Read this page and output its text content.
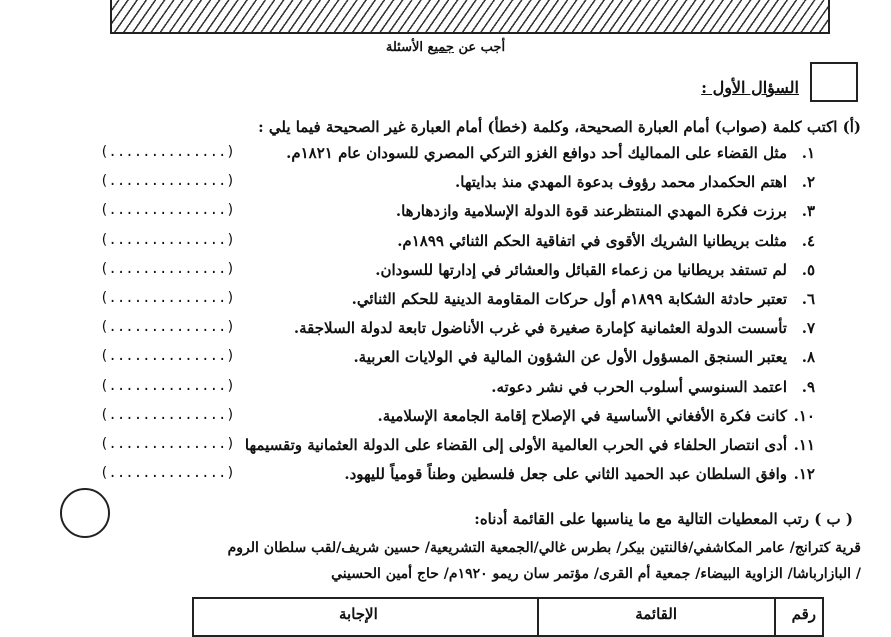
أجب عن جميع الأسئلة
السؤال الأول :
(أ) اكتب كلمة (صواب) أمام العبارة الصحيحة، وكلمة (خطأ) أمام العبارة غير الصحيحة فيما يلي :
١.
مثل القضاء على المماليك أحد دوافع الغزو التركي المصري للسودان عام ١٨٢١م.
(..............)
٢.
اهتم الحكمدار محمد رؤوف بدعوة المهدي منذ بدايتها.
(..............)
٣.
برزت فكرة المهدي المنتظرعند قوة الدولة الإسلامية وازدهارها.
(..............)
٤.
مثلت بريطانيا الشريك الأقوى في اتفاقية الحكم الثنائي ١٨٩٩م.
(..............)
٥.
لم تستفد بريطانيا من زعماء القبائل والعشائر في إدارتها للسودان.
(..............)
٦.
تعتبر حادثة الشكابة ١٨٩٩م أول حركات المقاومة الدينية للحكم الثنائي.
(..............)
٧.
تأسست الدولة العثمانية كإمارة صغيرة في غرب الأناضول تابعة لدولة السلاجقة.
(..............)
٨.
يعتبر السنجق المسؤول الأول عن الشؤون المالية في الولايات العربية.
(..............)
٩.
اعتمد السنوسي أسلوب الحرب في نشر دعوته.
(..............)
١٠.
كانت فكرة الأفغاني الأساسية في الإصلاح إقامة الجامعة الإسلامية.
(..............)
١١.
أدى انتصار الحلفاء في الحرب العالمية الأولى إلى القضاء على الدولة العثمانية وتقسيمها
(..............)
١٢.
وافق السلطان عبد الحميد الثاني على جعل فلسطين وطناً قومياً لليهود.
(..............)
( ب ) رتب المعطيات التالية مع ما يناسبها على القائمة أدناه:
قرية كترانج/ عامر المكاشفي/فالنتين بيكر/ بطرس غالي/الجمعية التشريعية/ حسين شريف/لقب سلطان الروم
/ البازارباشا/ الزاوية البيضاء/ جمعية أم القرى/ مؤتمر سان ريمو ١٩٢٠م/ حاج أمين الحسيني
رقم
القائمة
الإجابة
